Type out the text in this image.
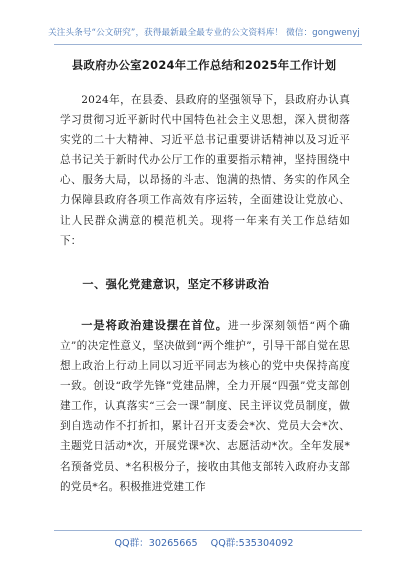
关注头条号“公文研究”，获得最新最全最专业的公文资料库！ 微信：gongwenyj
县政府办公室2024年工作总结和2025年工作计划

2024年，在县委、县政府的坚强领导下，县政府办认真学习贯彻习近平新时代中国特色社会主义思想，深入贯彻落实党的二十大精神、习近平总书记重要讲话精神以及习近平总书记关于新时代办公厅工作的重要指示精神，坚持围绕中心、服务大局，以昂扬的斗志、饱满的热情、务实的作风全力保障县政府各项工作高效有序运转，全面建设让党放心、让人民群众满意的模范机关。现将一年来有关工作总结如下：

一、强化党建意识，坚定不移讲政治

一是将政治建设摆在首位。进一步深刻领悟“两个确立”的决定性意义，坚决做到“两个维护”，引导干部自觉在思想上政治上行动上同以习近平同志为核心的党中央保持高度一致。创设“政学先锋”党建品牌，全力开展“四强”党支部创建工作，认真落实“三会一课”制度、民主评议党员制度，做到自选动作不打折扣，累计召开支委会*次、党员大会*次、主题党日活动*次，开展党课*次、志愿活动*次。全年发展*名预备党员、*名积极分子，接收由其他支部转入政府办支部的党员*名。积极推进党建工作

QQ群：30265665 QQ群:535304092
